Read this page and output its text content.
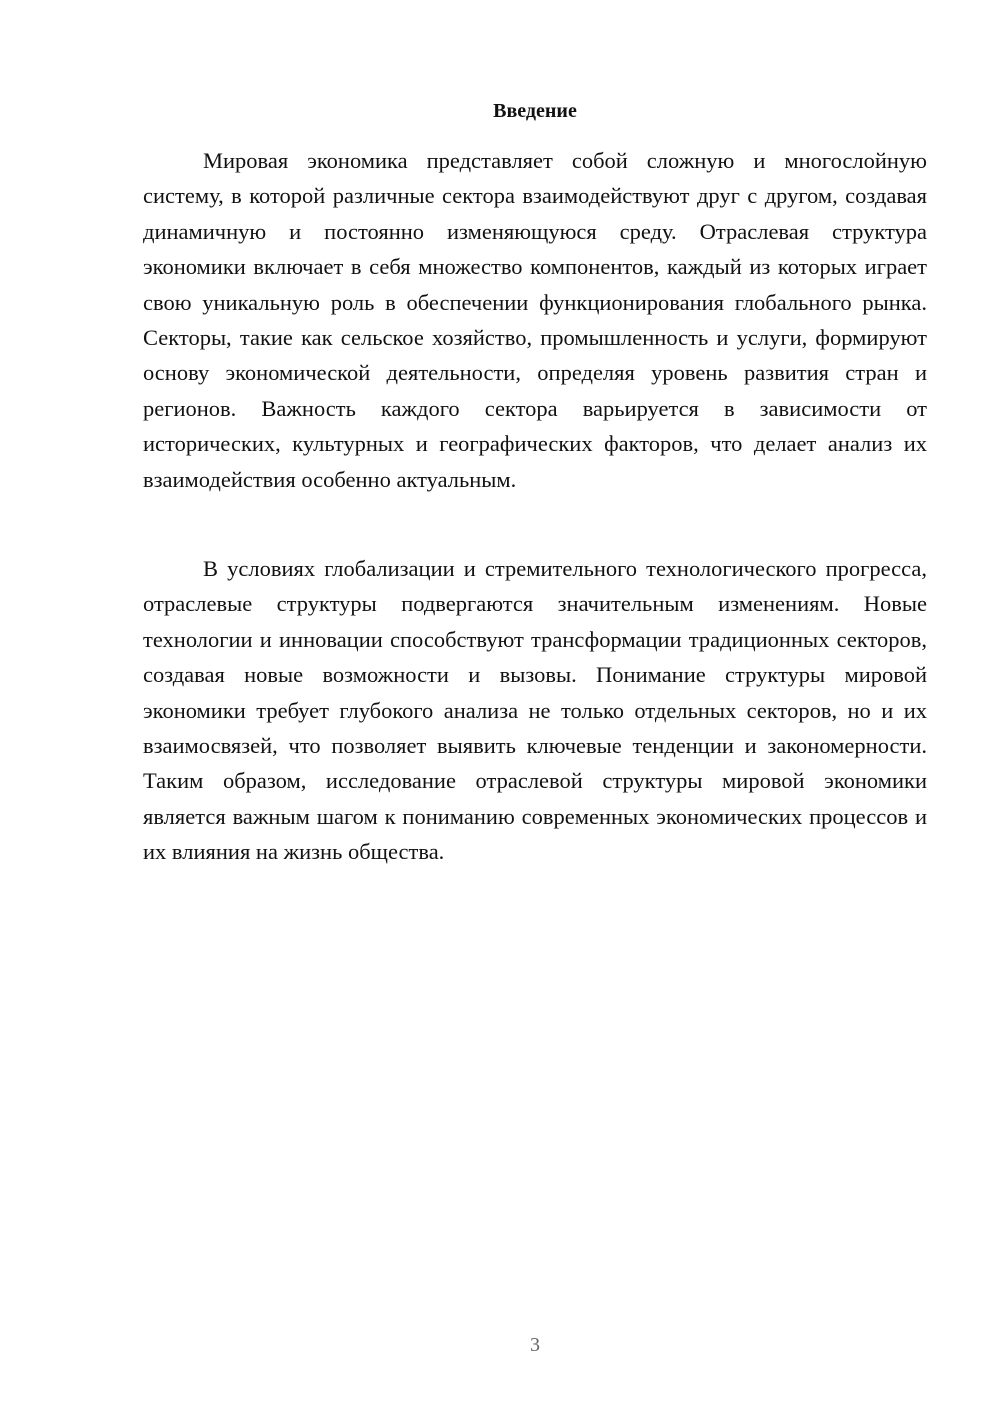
Введение

Мировая экономика представляет собой сложную и многослойную систему, в которой различные сектора взаимодействуют друг с другом, создавая динамичную и постоянно изменяющуюся среду. Отраслевая структура экономики включает в себя множество компонентов, каждый из которых играет свою уникальную роль в обеспечении функционирования глобального рынка. Секторы, такие как сельское хозяйство, промышленность и услуги, формируют основу экономической деятельности, определяя уровень развития стран и регионов. Важность каждого сектора варьируется в зависимости от исторических, культурных и географических факторов, что делает анализ их взаимодействия особенно актуальным.

В условиях глобализации и стремительного технологического прогресса, отраслевые структуры подвергаются значительным изменениям. Новые технологии и инновации способствуют трансформации традиционных секторов, создавая новые возможности и вызовы. Понимание структуры мировой экономики требует глубокого анализа не только отдельных секторов, но и их взаимосвязей, что позволяет выявить ключевые тенденции и закономерности. Таким образом, исследование отраслевой структуры мировой экономики является важным шагом к пониманию современных экономических процессов и их влияния на жизнь общества.

3
